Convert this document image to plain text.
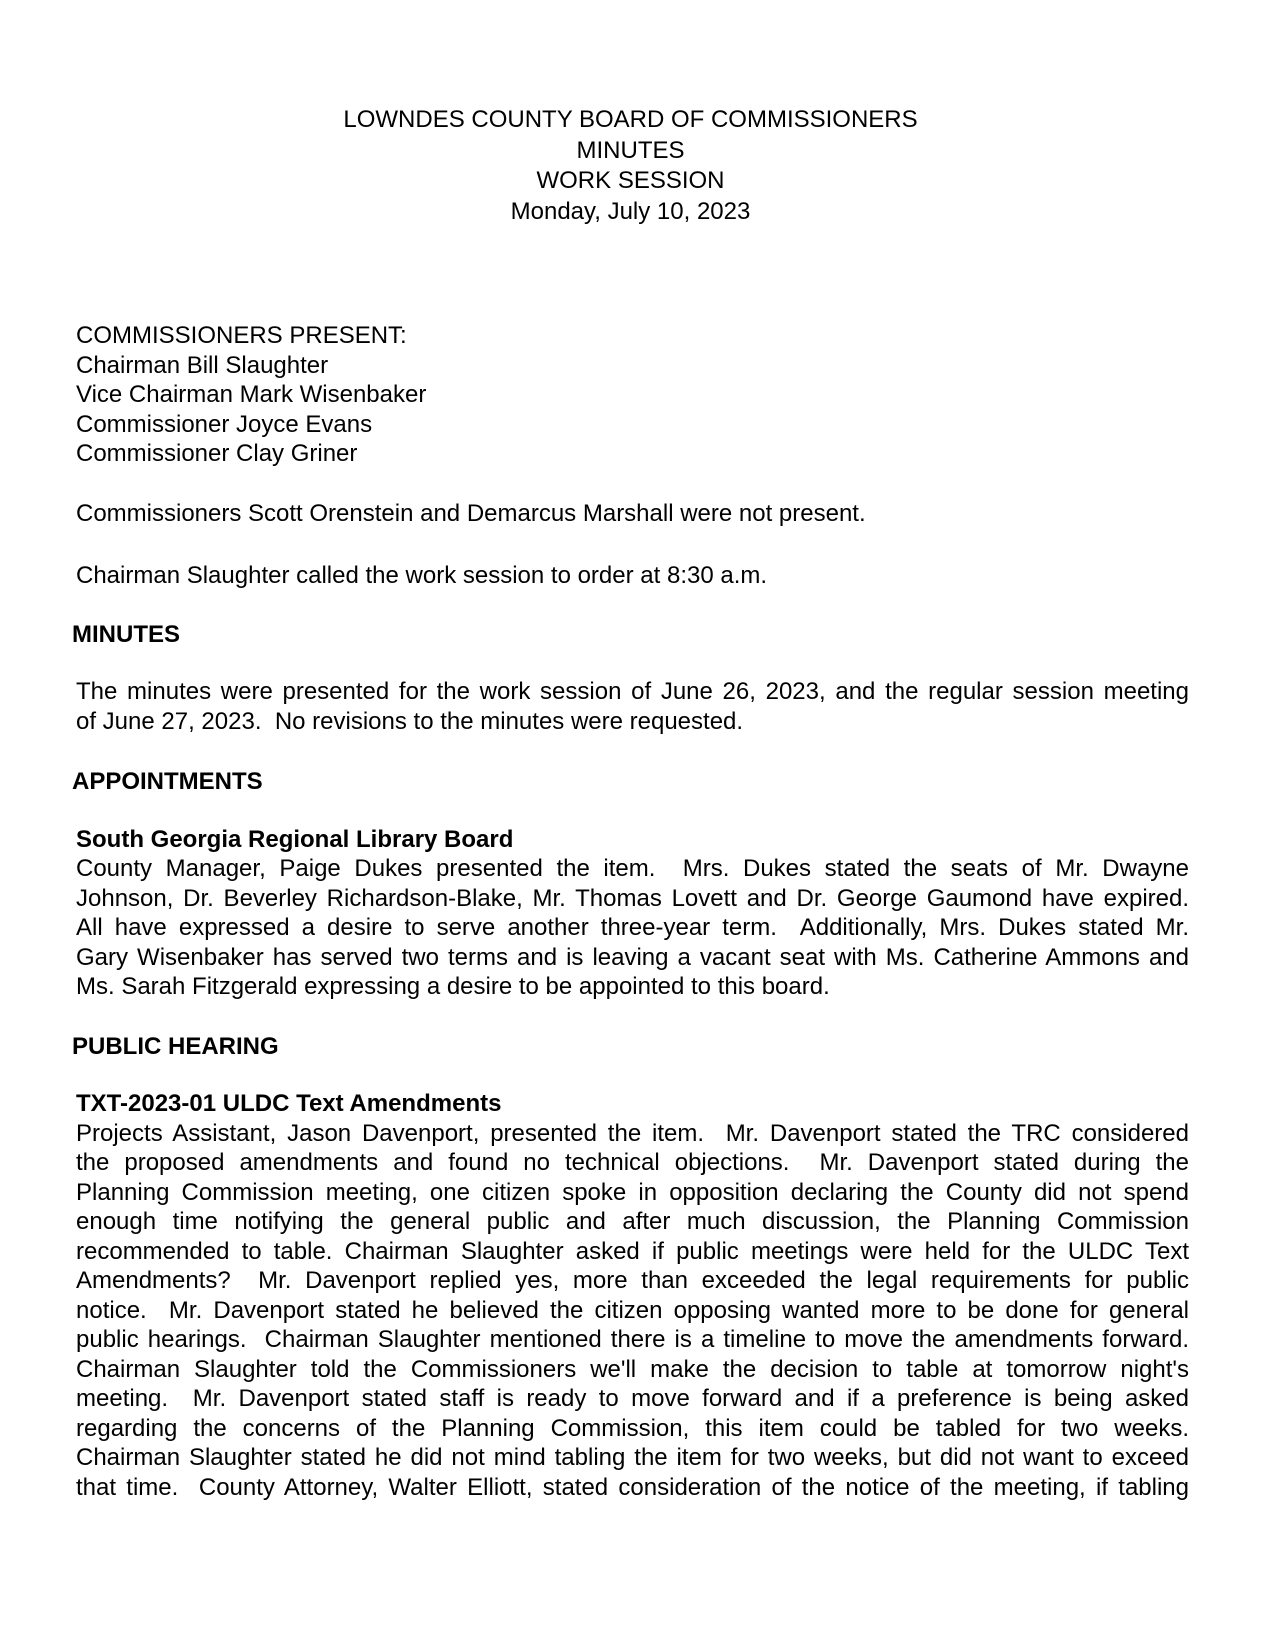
LOWNDES COUNTY BOARD OF COMMISSIONERS
MINUTES
WORK SESSION
Monday, July 10, 2023
COMMISSIONERS PRESENT:
Chairman Bill Slaughter
Vice Chairman Mark Wisenbaker
Commissioner Joyce Evans
Commissioner Clay Griner
Commissioners Scott Orenstein and Demarcus Marshall were not present.
Chairman Slaughter called the work session to order at 8:30 a.m.
MINUTES
The minutes were presented for the work session of June 26, 2023, and the regular session meeting
of June 27, 2023.  No revisions to the minutes were requested.
APPOINTMENTS
South Georgia Regional Library Board
County Manager, Paige Dukes presented the item.  Mrs. Dukes stated the seats of Mr. Dwayne
Johnson, Dr. Beverley Richardson-Blake, Mr. Thomas Lovett and Dr. George Gaumond have expired.
All have expressed a desire to serve another three-year term.  Additionally, Mrs. Dukes stated Mr.
Gary Wisenbaker has served two terms and is leaving a vacant seat with Ms. Catherine Ammons and
Ms. Sarah Fitzgerald expressing a desire to be appointed to this board.
PUBLIC HEARING
TXT-2023-01 ULDC Text Amendments
Projects Assistant, Jason Davenport, presented the item.  Mr. Davenport stated the TRC considered
the proposed amendments and found no technical objections.  Mr. Davenport stated during the
Planning Commission meeting, one citizen spoke in opposition declaring the County did not spend
enough time notifying the general public and after much discussion, the Planning Commission
recommended to table. Chairman Slaughter asked if public meetings were held for the ULDC Text
Amendments?  Mr. Davenport replied yes, more than exceeded the legal requirements for public
notice.  Mr. Davenport stated he believed the citizen opposing wanted more to be done for general
public hearings.  Chairman Slaughter mentioned there is a timeline to move the amendments forward.
Chairman Slaughter told the Commissioners we'll make the decision to table at tomorrow night's
meeting.  Mr. Davenport stated staff is ready to move forward and if a preference is being asked
regarding the concerns of the Planning Commission, this item could be tabled for two weeks.
Chairman Slaughter stated he did not mind tabling the item for two weeks, but did not want to exceed
that time.  County Attorney, Walter Elliott, stated consideration of the notice of the meeting, if tabling
